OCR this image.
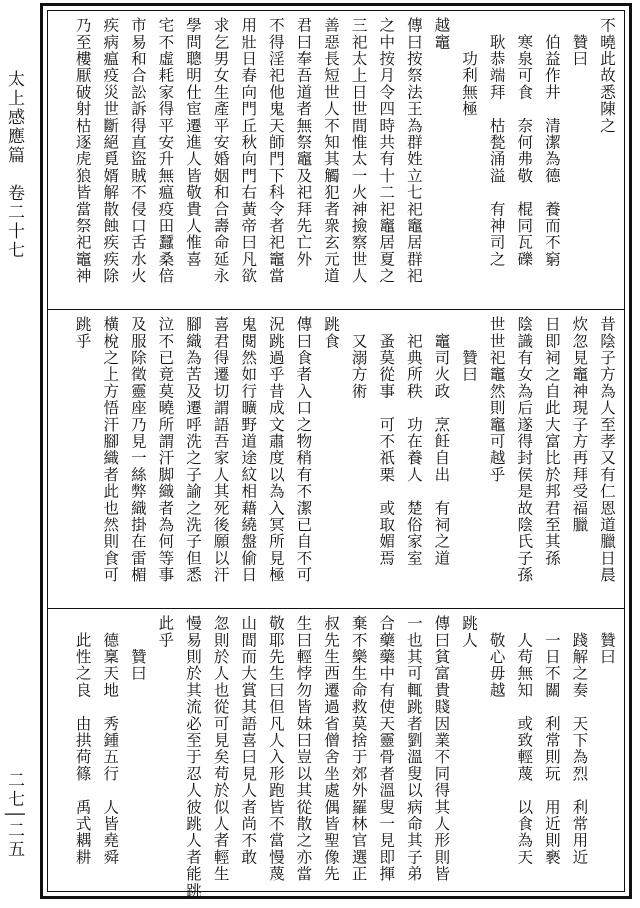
太上感應篇　卷二十七
二七│二五
不曉此故悉陳之
　贊曰
　伯益作井　清潔為德　養而不窮
　寒泉可食　奈何弗敬　棍同瓦礫
　耿恭端拜　枯甃涌溢　有神司之
　　功利無極
越竈
傳曰按祭法王為群姓立七祀竈居群祀
之中按月令四時共有十二祀竈居夏之
三祀太上日世間惟太一火神撿察世人
善惡長短世人不知其觸犯者衆玄元道
君曰奉吾道者無祭竈及祀拜先亡外
不得淫祀他鬼天師門下科令者祀竈當
用壯日春向門丘秋向門右黃帝曰凡欲
求乞男女生產平安婚姻和合壽命延永
學問聰明仕宦遷進人皆敬貴人惟喜
宅不虛耗家得平安升無瘟疫田蠶桑倍
市易和合訟訴得直盜賊不侵口舌水火
疾病瘟疫災世斷絕覓婿解散蝕疾疾除
乃至樓厭破射枯逐虎狼皆當祭祀竈神
昔陰子方為人至孝又有仁恩道臘日晨
炊忽見竈神現子方再拜受福臘
日即祠之自此大富比於邦君至其孫
陰識有女為后遂得封侯是故陰氏子孫
世世祀竈然則竈可越乎
　　贊曰
　竈司火政　烹飪自出　有祠之道
　祀典所秩　功在養人　楚俗家室
　蚤莫從事　可不祇栗　或取媚焉
　又溺方術
跳食
傳曰食者入口之物稍有不潔已自不可
況跳過乎昔成文肅度以為入冥所見極
鬼閱然如行曠野道途紋相藉繞盤偷日
喜君得遷切謂語吾家人其死後願以汗
腳織為苦及遷呼洗之子諭之洗子但悉
泣不已竟莫曉所謂汗脚織者為何等事
及服除徵靈座乃見一絲弊織掛在雷楣
橫梲之上方悟汗腳織者此也然則食可
跳乎
　贊曰
　踐解之奏　天下為烈　利常用近
　一日不關　利常則玩　用近則褻
　人苟無知　或致輕蔑　以食為天
　敬心毋越
跳人
傳曰貧富貴賤因業不同得其人形則皆
一也其可輒跳者劉溫叟以病命其子弟
合藥藥中有使天靈骨者溫叟一見即揮
棄不樂生命救莫捨于郊外羅林官選正
叔先生西遷過省僧舍坐處偶皆聖像先
生曰輕悖勿皆妹曰豈以其從散之亦當
敬耶先生曰但凡人入形跑皆不當慢蔑
山間而大賞其語喜曰見人者尚不敢
忽則於人也從可見矣苟於似人者輕生
慢易則於其流必至于忍人彼跳人者能跳
此乎
　　贊曰
　德稟天地　秀鍾五行　人皆堯舜
　此性之良　由拱荷篠　禹式耦耕
